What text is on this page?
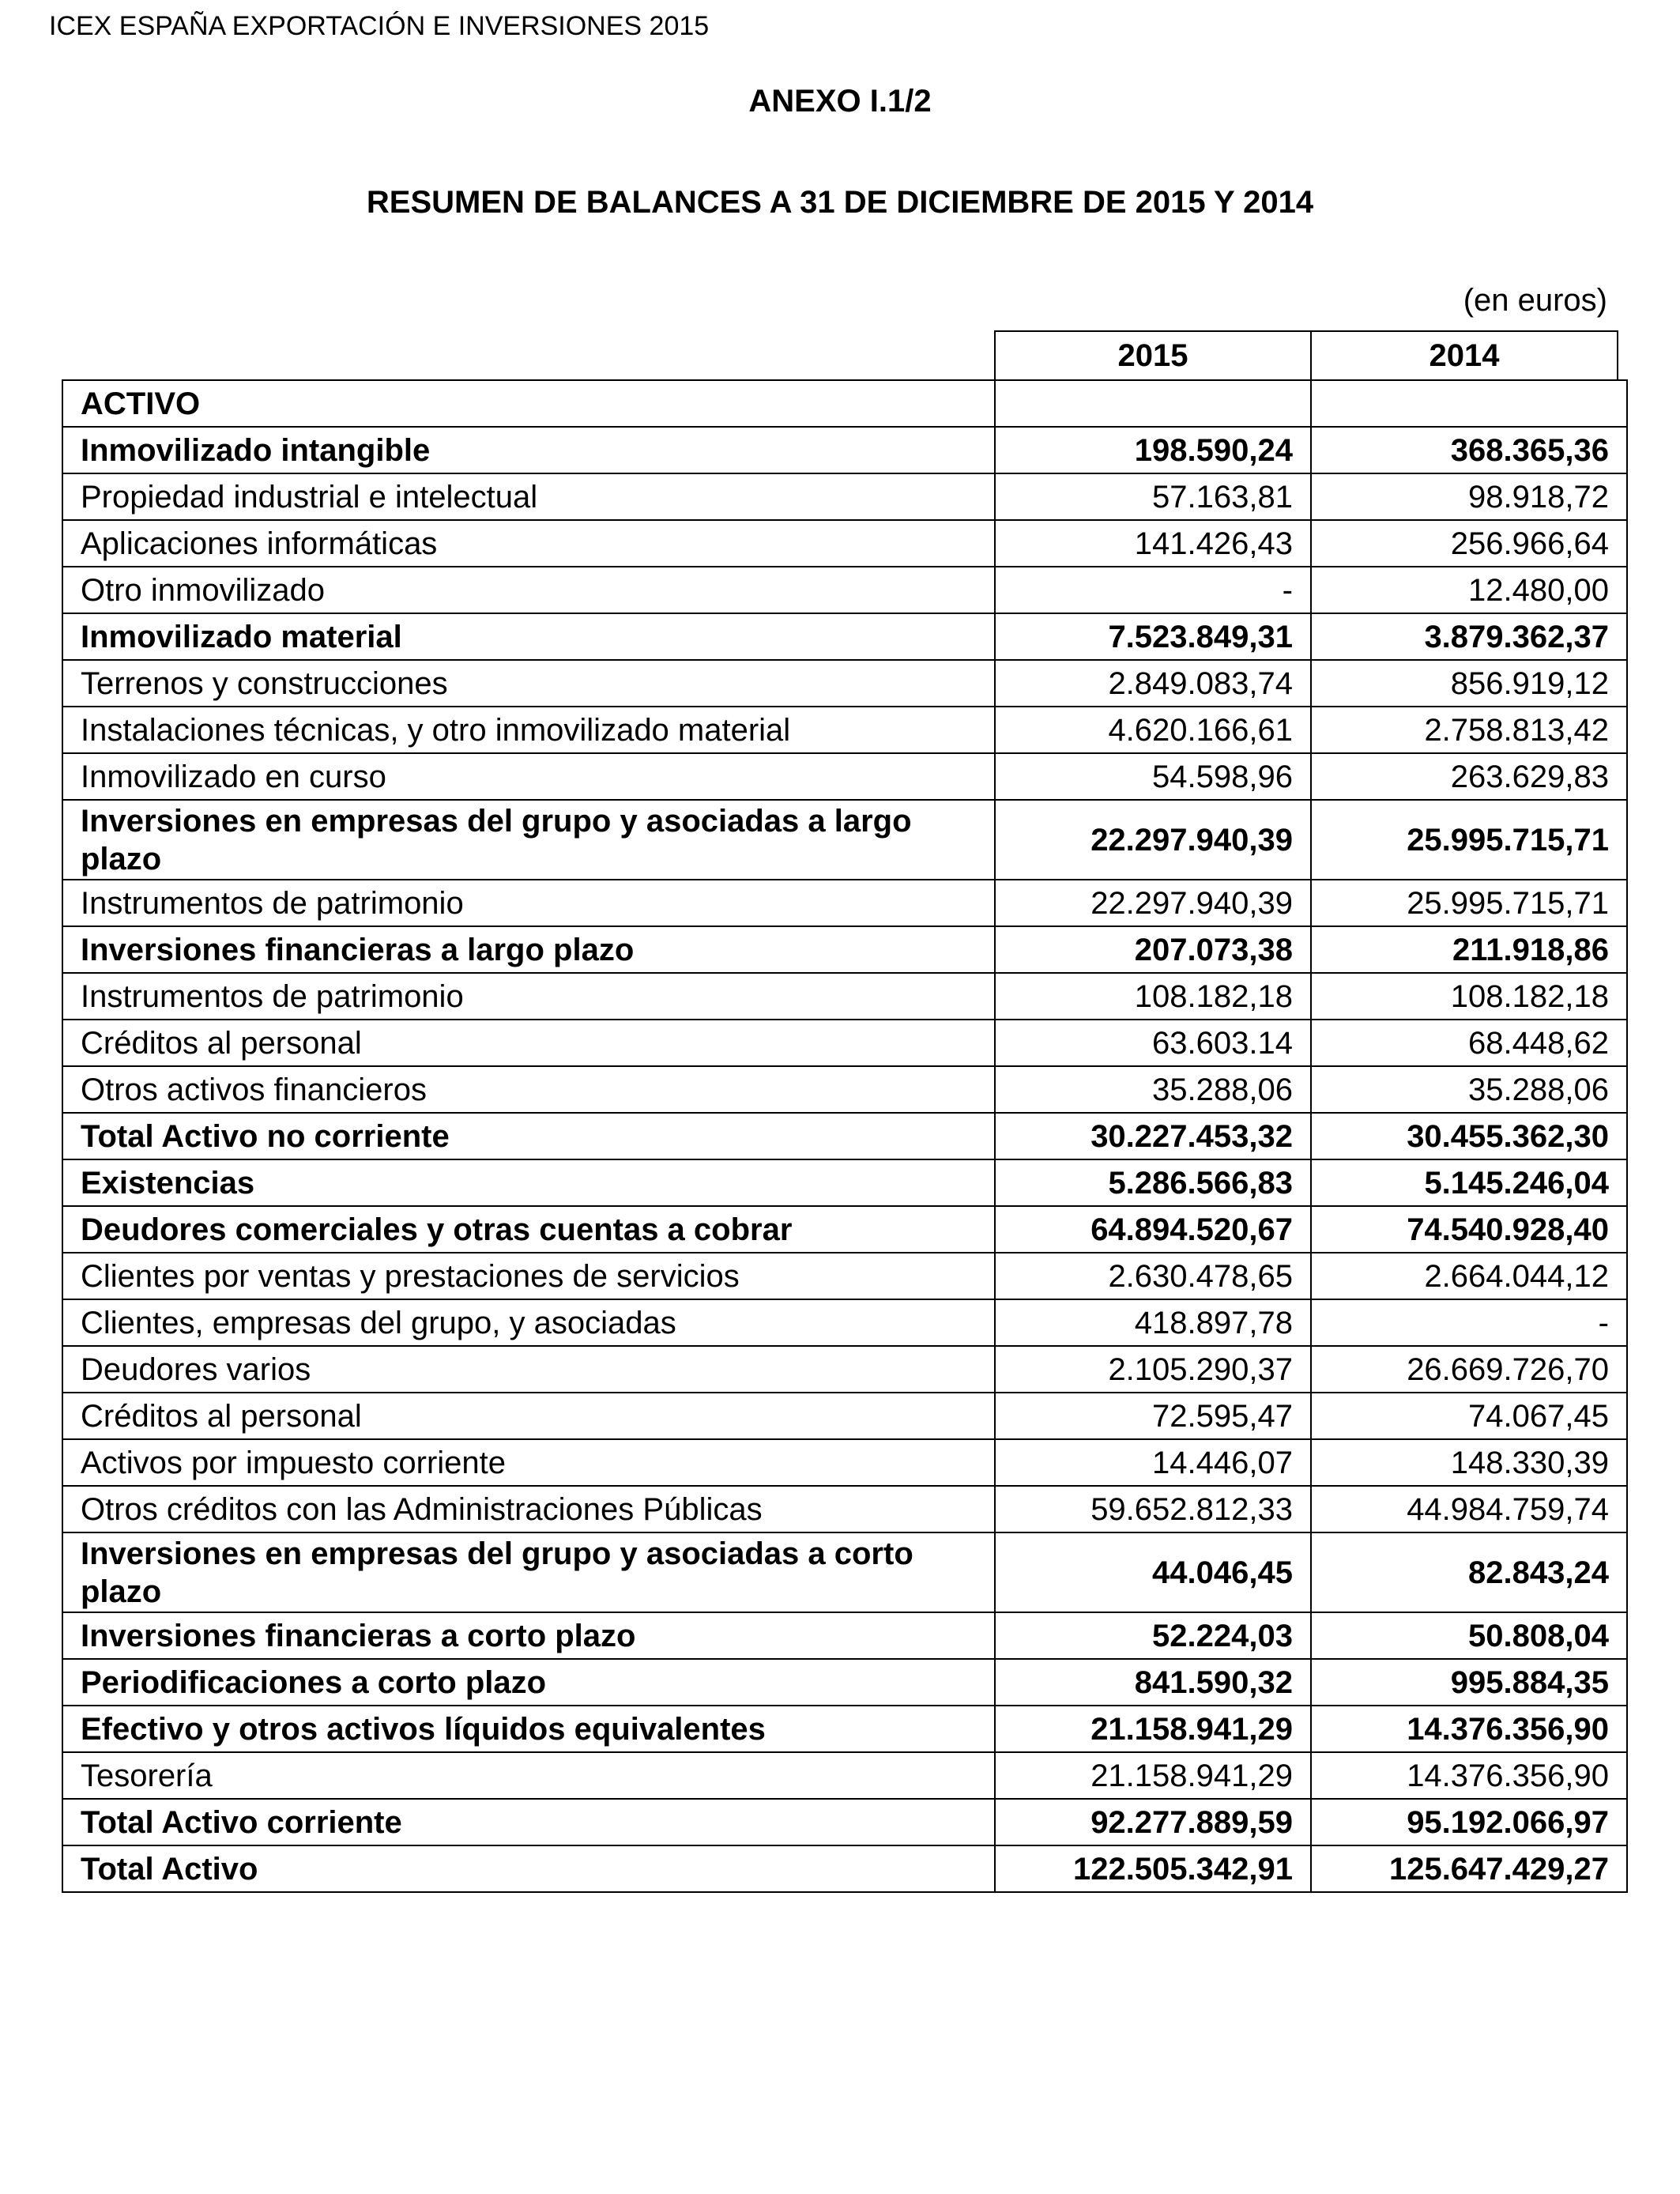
ICEX ESPAÑA EXPORTACIÓN E INVERSIONES 2015
ANEXO I.1/2
RESUMEN DE BALANCES A 31 DE DICIEMBRE DE 2015 Y 2014
(en euros)
2015	2014
ACTIVO		
Inmovilizado intangible	198.590,24	368.365,36
Propiedad industrial e intelectual	57.163,81	98.918,72
Aplicaciones informáticas	141.426,43	256.966,64
Otro inmovilizado	-	12.480,00
Inmovilizado material	7.523.849,31	3.879.362,37
Terrenos y construcciones	2.849.083,74	856.919,12
Instalaciones técnicas, y otro inmovilizado material	4.620.166,61	2.758.813,42
Inmovilizado en curso	54.598,96	263.629,83
Inversiones en empresas del grupo y asociadas a largo plazo	22.297.940,39	25.995.715,71
Instrumentos de patrimonio	22.297.940,39	25.995.715,71
Inversiones financieras a largo plazo	207.073,38	211.918,86
Instrumentos de patrimonio	108.182,18	108.182,18
Créditos al personal	63.603.14	68.448,62
Otros activos financieros	35.288,06	35.288,06
Total Activo no corriente	30.227.453,32	30.455.362,30
Existencias	5.286.566,83	5.145.246,04
Deudores comerciales y otras cuentas a cobrar	64.894.520,67	74.540.928,40
Clientes por ventas y prestaciones de servicios	2.630.478,65	2.664.044,12
Clientes, empresas del grupo, y asociadas	418.897,78	-
Deudores varios	2.105.290,37	26.669.726,70
Créditos al personal	72.595,47	74.067,45
Activos por impuesto corriente	14.446,07	148.330,39
Otros créditos con las Administraciones Públicas	59.652.812,33	44.984.759,74
Inversiones en empresas del grupo y asociadas a corto plazo	44.046,45	82.843,24
Inversiones financieras a corto plazo	52.224,03	50.808,04
Periodificaciones a corto plazo	841.590,32	995.884,35
Efectivo y otros activos líquidos equivalentes	21.158.941,29	14.376.356,90
Tesorería	21.158.941,29	14.376.356,90
Total Activo corriente	92.277.889,59	95.192.066,97
Total Activo	122.505.342,91	125.647.429,27
